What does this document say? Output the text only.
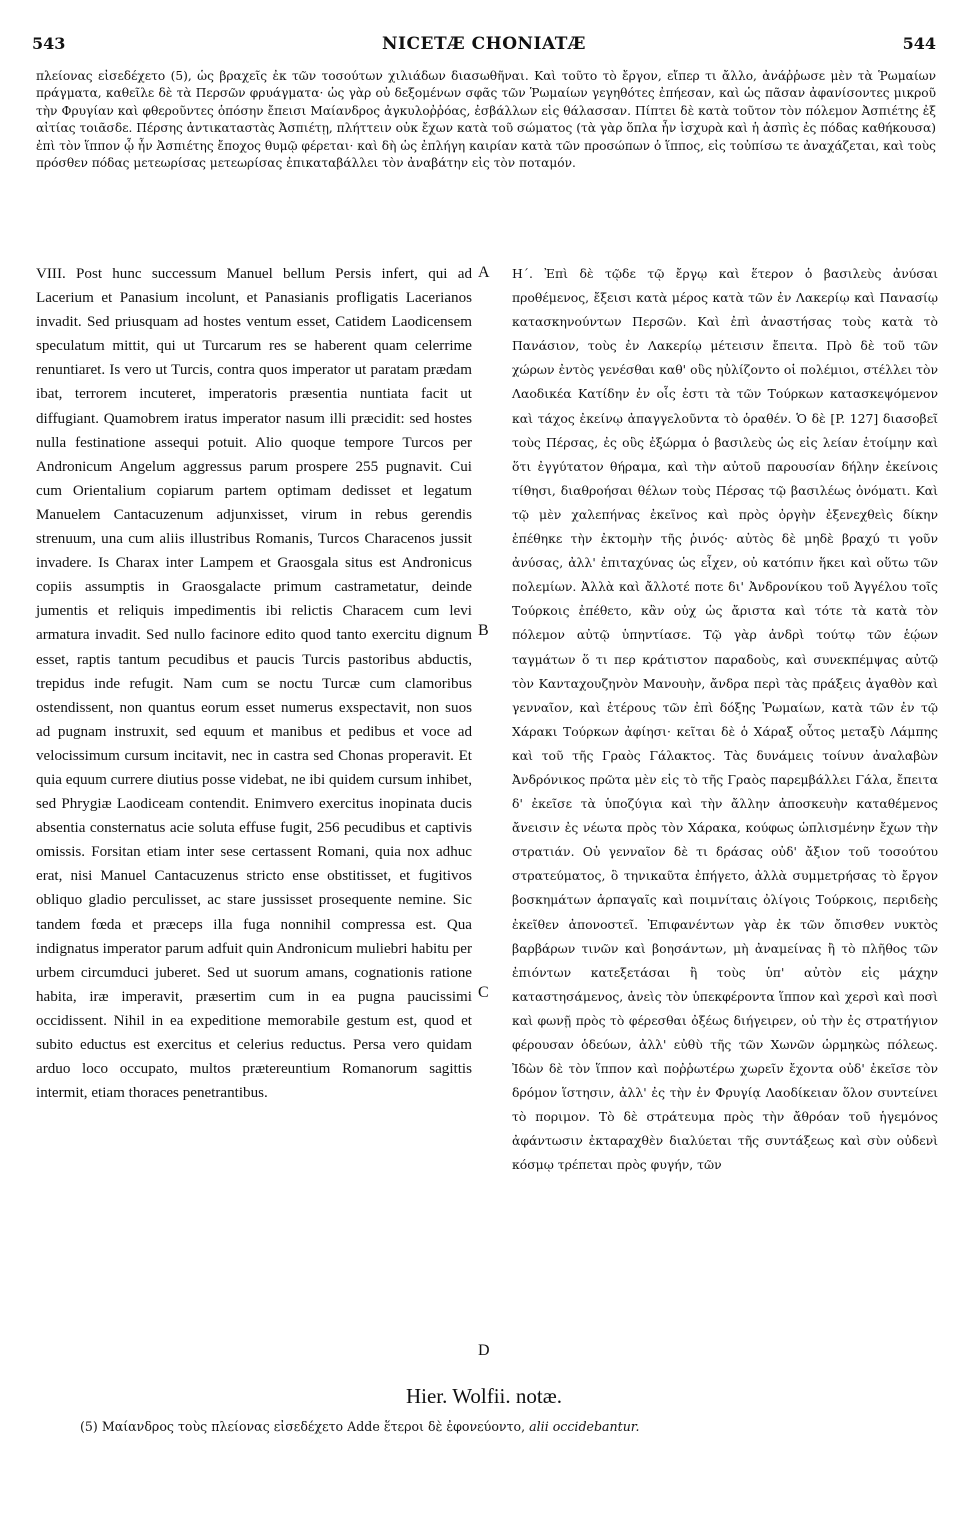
543	NICETÆ CHONIATÆ	544

πλείονας εἰσεδέχετο (5), ὡς βραχεῖς ἐκ τῶν τοσούτων χιλιάδων διασωθῆναι. Καὶ τοῦτο τὸ ἔργον, εἴπερ τι ἄλλο, ἀνάῤῥωσε μὲν τὰ Ῥωμαίων πράγματα, καθεῖλε δὲ τὰ Περσῶν φρυάγματα· ὡς γὰρ οὐ δεξομένων σφᾶς τῶν Ῥωμαίων γεγηθότες ἐπήεσαν, καὶ ὡς πᾶσαν ἀφανίσοντες μικροῦ τὴν Φρυγίαν καὶ φθεροῦντες ὁπόσην ἔπεισι Μαίανδρος ἀγκυλοῤῥόας, ἐσβάλλων εἰς θάλασσαν. Πίπτει δὲ κατὰ τοῦτον τὸν πόλεμον Ἀσπιέτης ἐξ αἰτίας τοιᾶσδε. Πέρσης ἀντικαταστὰς Ἀσπιέτῃ, πλήττειν οὐκ ἔχων κατὰ τοῦ σώματος (τὰ γὰρ ὅπλα ἦν ἰσχυρὰ καὶ ἡ ἀσπὶς ἐς πόδας καθήκουσα) ἐπὶ τὸν ἵππον ᾧ ἦν Ἀσπιέτης ἔποχος θυμῷ φέρεται· καὶ δὴ ὡς ἐπλήγη καιρίαν κατὰ τῶν προσώπων ὁ ἵππος, εἰς τοὐπίσω τε ἀναχάζεται, καὶ τοὺς πρόσθεν πόδας μετεωρίσας μετεωρίσας ἐπικαταβάλλει τὸν ἀναβάτην εἰς τὸν ποταμόν.

VIII. Post hunc successum Manuel bellum Persis infert, qui ad Lacerium et Panasium incolunt, et Panasianis profligatis Lacerianos invadit. Sed priusquam ad hostes ventum esset, Catidem Laodicensem speculatum mittit, qui ut Turcarum res se haberent quam celerrime renuntiaret. Is vero ut Turcis, contra quos imperator ut paratam prædam ibat, terrorem incuteret, imperatoris præsentia nuntiata facit ut diffugiant. Quamobrem iratus imperator nasum illi præcidit: sed hostes nulla festinatione assequi potuit. Alio quoque tempore Turcos per Andronicum Angelum aggressus parum prospere 255 pugnavit. Cui cum Orientalium copiarum partem optimam dedisset et legatum Manuelem Cantacuzenum adjunxisset, virum in rebus gerendis strenuum, una cum aliis illustribus Romanis, Turcos Characenos jussit invadere. Is Charax inter Lampem et Graosgala situs est Andronicus copiis assumptis in Graosgalacte primum castrametatur, deinde jumentis et reliquis impedimentis ibi relictis Characem cum levi armatura invadit. Sed nullo facinore edito quod tanto exercitu dignum esset, raptis tantum pecudibus et paucis Turcis pastoribus abductis, trepidus inde refugit. Nam cum se noctu Turcæ cum clamoribus ostendissent, non quantus eorum esset numerus exspectavit, non suos ad pugnam instruxit, sed equum et manibus et pedibus et voce ad velocissimum cursum incitavit, nec in castra sed Chonas properavit. Et quia equum currere diutius posse videbat, ne ibi quidem cursum inhibet, sed Phrygiæ Laodiceam contendit. Enimvero exercitus inopinata ducis absentia consternatus acie soluta effuse fugit, 256 pecudibus et captivis omissis. Forsitan etiam inter sese certassent Romani, quia nox adhuc erat, nisi Manuel Cantacuzenus stricto ense obstitisset, et fugitivos obliquo gladio perculisset, ac stare jussisset prosequente nemine. Sic tandem fœda et præceps illa fuga nonnihil compressa est. Qua indignatus imperator parum adfuit quin Andronicum muliebri habitu per urbem circumduci juberet. Sed ut suorum amans, cognationis ratione habita, iræ imperavit, præsertim cum in ea pugna paucissimi occidissent. Nihil in ea expeditione memorabile gestum est, quod et subito eductus est exercitus et celerius reductus. Persa vero quidam arduo loco occupato, multos prætereuntium Romanorum sagittis intermit, etiam thoraces penetrantibus.

A
B
C
D

Η΄. Ἐπὶ δὲ τῷδε τῷ ἔργῳ καὶ ἕτερον ὁ βασιλεὺς ἀνύσαι προθέμενος, ἔξεισι κατὰ μέρος κατὰ τῶν ἐν Λακερίῳ καὶ Πανασίῳ κατασκηνούντων Περσῶν. Καὶ ἐπὶ ἀναστήσας τοὺς κατὰ τὸ Πανάσιον, τοὺς ἐν Λακερίῳ μέτεισιν ἔπειτα. Πρὸ δὲ τοῦ τῶν χώρων ἐντὸς γενέσθαι καθ' οὓς ηὐλίζοντο οἱ πολέμιοι, στέλλει τὸν Λαοδικέα Κατίδην ἐν οἷς ἐστι τὰ τῶν Τούρκων κατασκεψόμενον καὶ τάχος ἐκείνῳ ἀπαγγελοῦντα τὸ ὁραθέν. Ὁ δὲ [P. 127] διασοβεῖ τοὺς Πέρσας, ἐς οὓς ἐξώρμα ὁ βασιλεὺς ὡς εἰς λείαν ἑτοίμην καὶ ὅτι ἐγγύτατον θήραμα, καὶ τὴν αὐτοῦ παρουσίαν δήλην ἐκείνοις τίθησι, διαθροήσαι θέλων τοὺς Πέρσας τῷ βασιλέως ὀνόματι. Καὶ τῷ μὲν χαλεπήνας ἐκεῖνος καὶ πρὸς ὀργὴν ἐξενεχθεὶς δίκην ἐπέθηκε τὴν ἐκτομὴν τῆς ῥινός· αὐτὸς δὲ μηδὲ βραχύ τι γοῦν ἀνύσας, ἀλλ' ἐπιταχύνας ὡς εἶχεν, οὐ κατόπιν ἥκει καὶ οὕτω τῶν πολεμίων. Ἀλλὰ καὶ ἄλλοτέ ποτε δι' Ἀνδρονίκου τοῦ Ἀγγέλου τοῖς Τούρκοις ἐπέθετο, κἂν οὐχ ὡς ἄριστα καὶ τότε τὰ κατὰ τὸν πόλεμον αὐτῷ ὑπηντίασε. Τῷ γὰρ ἀνδρὶ τούτῳ τῶν ἑῴων ταγμάτων ὅ τι περ κράτιστον παραδοὺς, καὶ συνεκπέμψας αὐτῷ τὸν Κανταχουζηνὸν Μανουὴν, ἄνδρα περὶ τὰς πράξεις ἀγαθὸν καὶ γενναῖον, καὶ ἑτέρους τῶν ἐπὶ δόξης Ῥωμαίων, κατὰ τῶν ἐν τῷ Χάρακι Τούρκων ἀφίησι· κεῖται δὲ ὁ Χάραξ οὗτος μεταξὺ Λάμπης καὶ τοῦ τῆς Γραὸς Γάλακτος. Τὰς δυνάμεις τοίνυν ἀναλαβὼν Ἀνδρόνικος πρῶτα μὲν εἰς τὸ τῆς Γραὸς παρεμβάλλει Γάλα, ἔπειτα δ' ἐκεῖσε τὰ ὑποζύγια καὶ τὴν ἄλλην ἀποσκευὴν καταθέμενος ἄνεισιν ἐς νέωτα πρὸς τὸν Χάρακα, κούφως ὡπλισμένην ἔχων τὴν στρατιάν. Οὐ γενναῖον δὲ τι δράσας οὐδ' ἄξιον τοῦ τοσούτου στρατεύματος, ὃ τηνικαῦτα ἐπήγετο, ἀλλὰ συμμετρήσας τὸ ἔργον βοσκημάτων ἁρπαγαῖς καὶ ποιμνίταις ὀλίγοις Τούρκοις, περιδεὴς ἐκεῖθεν ἀπονοστεῖ. Ἐπιφανέντων γὰρ ἐκ τῶν ὄπισθεν νυκτὸς βαρβάρων τινῶν καὶ βοησάντων, μὴ ἀναμείνας ἢ τὸ πλῆθος τῶν ἐπιόντων κατεξετάσαι ἢ τοὺς ὑπ' αὐτὸν εἰς μάχην καταστησάμενος, ἀνεὶς τὸν ὑπεκφέροντα ἵππον καὶ χερσὶ καὶ ποσὶ καὶ φωνῇ πρὸς τὸ φέρεσθαι ὀξέως διήγειρεν, οὐ τὴν ἐς στρατήγιον φέρουσαν ὁδεύων, ἀλλ' εὐθὺ τῆς τῶν Χωνῶν ὡρμηκὼς πόλεως. Ἰδὼν δὲ τὸν ἵππον καὶ ποῤῥωτέρω χωρεῖν ἔχοντα οὐδ' ἐκεῖσε τὸν δρόμον ἵστησιν, ἀλλ' ἐς τὴν ἐν Φρυγίᾳ Λαοδίκειαν ὅλον συντείνει τὸ ποριμον. Τὸ δὲ στράτευμα πρὸς τὴν ἄθρόαν τοῦ ἡγεμόνος ἀφάντωσιν ἐκταραχθὲν διαλύεται τῆς συντάξεως καὶ σὺν οὐδενὶ κόσμῳ τρέπεται πρὸς φυγήν, τῶν

Hier. Wolfii. notæ.
(5) Μαίανδρος τοὺς πλείονας εἰσεδέχετο Adde ἕτεροι δὲ ἐφονεύοντο, alii occidebantur.
